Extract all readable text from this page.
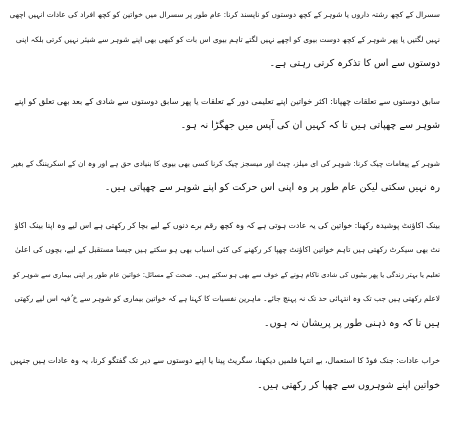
سسرال کے کچھ رشتہ داروں یا شوہر کے کچھ دوستوں کو ناپسند کرنا: عام طور پر سسرال میں خواتین کو کچھ افراد کی عادات انہیں اچھی
نہیں لگتیں یا پھر شوہر کے کچھ دوست بیوی کو اچھے نہیں لگتے تاہم بیوی اس بات کو کبھی بھی اپنے شوہر سے شیئر نہیں کرتی بلکہ اپنی
دوستوں سے اس کا تذکرہ کرتی رہتی ہے۔
سابق دوستوں سے تعلقات چھپانا: اکثر خواتین اپنے تعلیمی دور کے تعلقات یا پھر سابق دوستوں سے شادی کے بعد بھی تعلق کو اپنے
شوہر سے چھپاتی ہیں تا کہ کہیں ان کی آپس میں جھگڑا نہ ہو۔
شوہر کے پیغامات چیک کرنا: شوہر کی ای میلز، چیٹ اور میسجز چیک کرنا کسی بھی بیوی کا بنیادی حق ہے اور وہ ان کے اسکریننگ کے بغیر
رہ نہیں سکتی لیکن عام طور پر وہ اپنی اس حرکت کو اپنے شوہر سے چھپاتی ہیں۔
بینک اکاؤنٹ پوشیدہ رکھنا: خواتین کی یہ عادت ہوتی ہے کہ وہ کچھ رقم برے دنوں کے لیے بچا کر رکھتی ہے اس لیے وہ اپنا بینک اکاؤ
نٹ بھی سیکرٹ رکھتی ہیں تاہم خواتین اکاؤنٹ چھپا کر رکھنے کی کئی اسباب بھی ہو سکتے ہیں جیسا مستقبل کے لیے، بچوں کی اعلیٰ
تعلیم یا بہتر زندگی یا پھر بیٹیوں کی شادی ناکام ہونے کے خوف سے بھی ہو سکتے ہیں۔ صحت کے مسائل: خواتین عام طور پر اپنی بیماری سے شوہر کو
لاعلم رکھتی ہیں جب تک وہ انتہائی حد تک نہ پہنچ جائے۔ ماہرین نفسیات کا کہنا ہے کہ خواتین بیماری کو شوہر سے خ ُفیہ اس لیے رکھتی
ہیں تا کہ وہ ذہنی طور پر پریشان نہ ہوں۔
خراب عادات: جنک فوڈ کا استعمال، بے انتہا فلمیں دیکھنا، سگریٹ پینا یا اپنے دوستوں سے دیر تک گفتگو کرنا، یہ وہ عادات ہیں جنہیں
خواتین اپنے شوہروں سے چھپا کر رکھتی ہیں۔
